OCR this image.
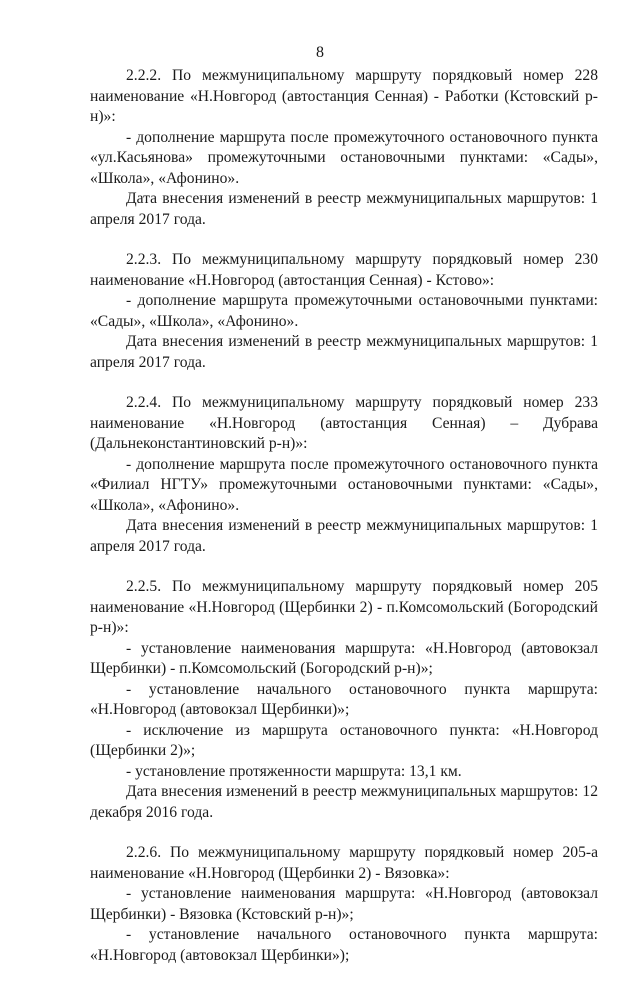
8

2.2.2. По межмуниципальному маршруту порядковый номер 228 наименование «Н.Новгород (автостанция Сенная) - Работки (Кстовский р-н)»:

- дополнение маршрута после промежуточного остановочного пункта «ул.Касьянова» промежуточными остановочными пунктами: «Сады», «Школа», «Афонино».

Дата внесения изменений в реестр межмуниципальных маршрутов: 1 апреля 2017 года.

2.2.3. По межмуниципальному маршруту порядковый номер 230 наименование «Н.Новгород (автостанция Сенная) - Кстово»:

- дополнение маршрута промежуточными остановочными пунктами: «Сады», «Школа», «Афонино».

Дата внесения изменений в реестр межмуниципальных маршрутов: 1 апреля 2017 года.

2.2.4. По межмуниципальному маршруту порядковый номер 233 наименование «Н.Новгород (автостанция Сенная) – Дубрава (Дальнеконстантиновский р-н)»:

- дополнение маршрута после промежуточного остановочного пункта «Филиал НГТУ» промежуточными остановочными пунктами: «Сады», «Школа», «Афонино».

Дата внесения изменений в реестр межмуниципальных маршрутов: 1 апреля 2017 года.

2.2.5. По межмуниципальному маршруту порядковый номер 205 наименование «Н.Новгород (Щербинки 2) - п.Комсомольский (Богородский р-н)»:

- установление наименования маршрута: «Н.Новгород (автовокзал Щербинки) - п.Комсомольский (Богородский р-н)»;

- установление начального остановочного пункта маршрута: «Н.Новгород (автовокзал Щербинки)»;

- исключение из маршрута остановочного пункта: «Н.Новгород (Щербинки 2)»;

- установление протяженности маршрута: 13,1 км.

Дата внесения изменений в реестр межмуниципальных маршрутов: 12 декабря 2016 года.

2.2.6. По межмуниципальному маршруту порядковый номер 205-а наименование «Н.Новгород (Щербинки 2) - Вязовка»:

- установление наименования маршрута: «Н.Новгород (автовокзал Щербинки) - Вязовка (Кстовский р-н)»;

- установление начального остановочного пункта маршрута: «Н.Новгород (автовокзал Щербинки»);
